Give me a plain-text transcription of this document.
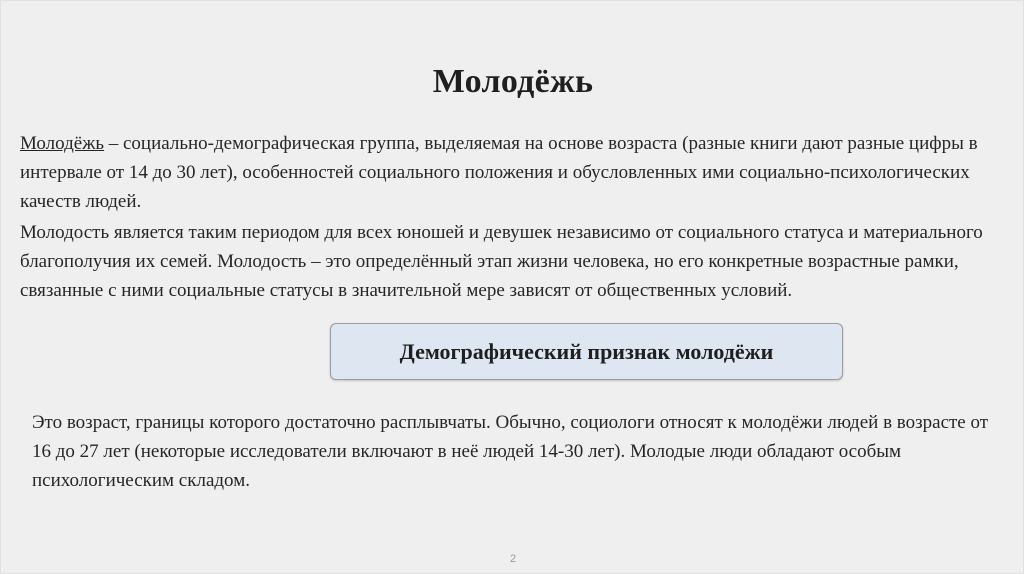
Молодёжь

Молодёжь – социально-демографическая группа, выделяемая на основе возраста (разные книги дают разные цифры в интервале от 14 до 30 лет), особенностей социального положения и обусловленных ими социально-психологических качеств людей.

Молодость является таким периодом для всех юношей и девушек независимо от социального статуса и материального благополучия их семей. Молодость – это определённый этап жизни человека, но его конкретные возрастные рамки, связанные с ними социальные статусы в значительной мере зависят от общественных условий.

Демографический признак молодёжи

Это возраст, границы которого достаточно расплывчаты. Обычно, социологи относят к молодёжи людей в возрасте от 16 до 27 лет (некоторые исследователи включают в неё людей 14-30 лет). Молодые люди обладают особым психологическим складом.

2
